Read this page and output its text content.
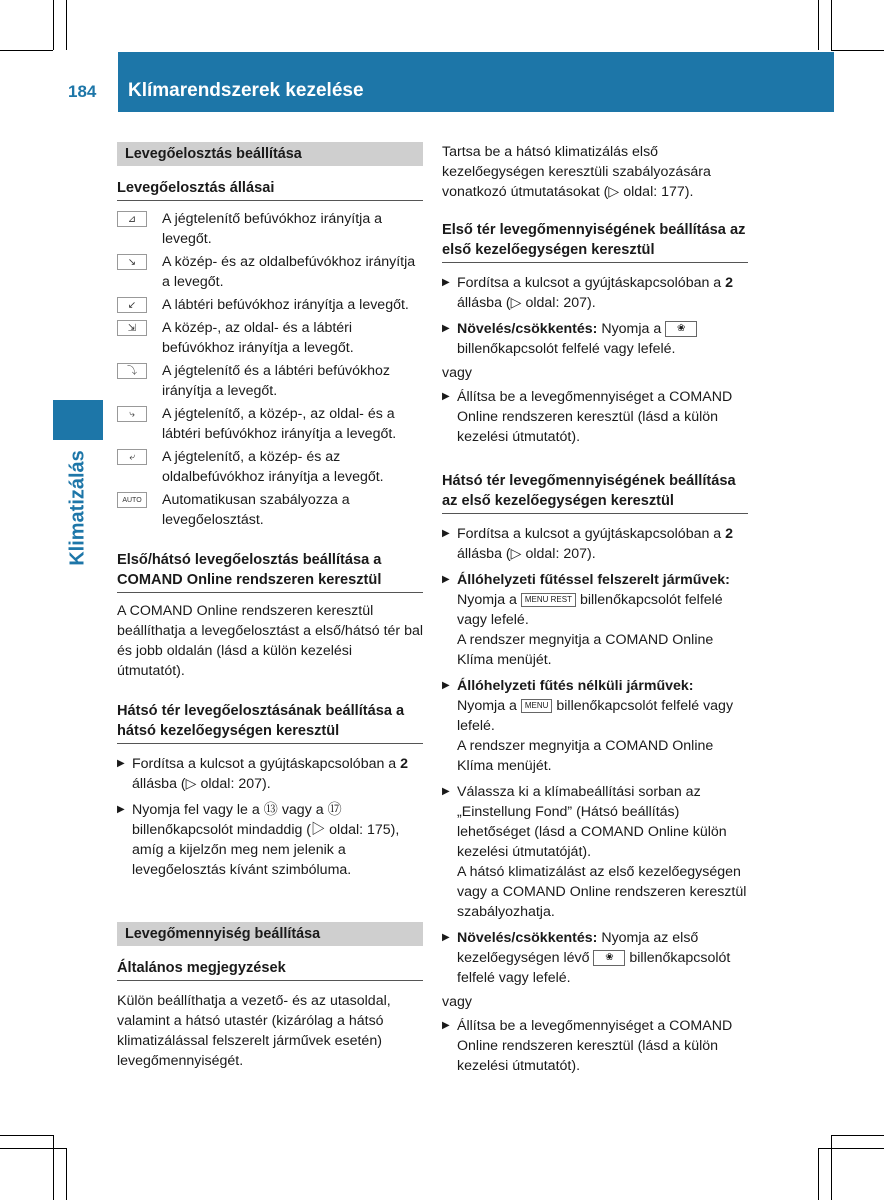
184 Klímarendszerek kezelése
Klimatizálás
Levegőelosztás beállítása
Levegőelosztás állásai
⊿	A jégtelenítő befúvókhoz irányítja a levegőt.
↘	A közép- és az oldalbefúvókhoz irányítja a levegőt.
↙	A lábtéri befúvókhoz irányítja a levegőt.
⇲	A közép-, az oldal- és a lábtéri befúvókhoz irányítja a levegőt.
⤵	A jégtelenítő és a lábtéri befúvókhoz irányítja a levegőt.
⤷	A jégtelenítő, a közép-, az oldal- és a lábtéri befúvókhoz irányítja a levegőt.
⤶	A jégtelenítő, a közép- és az oldalbefúvókhoz irányítja a levegőt.
AUTO	Automatikusan szabályozza a levegőelosztást.
Első/hátsó levegőelosztás beállítása a COMAND Online rendszeren keresztül

A COMAND Online rendszeren keresztül beállíthatja a levegőelosztást a első/hátsó tér bal és jobb oldalán (lásd a külön kezelési útmutatót).

Hátsó tér levegőelosztásának beállítása a hátsó kezelőegységen keresztül
▶ Fordítsa a kulcsot a gyújtáskapcsolóban a 2 állásba (▷ oldal: 207).
▶ Nyomja fel vagy le a ⑬ vagy a ⑰ billenőkapcsolót mindaddig (▷ oldal: 175), amíg a kijelzőn meg nem jelenik a levegőelosztás kívánt szimbóluma.
Levegőmennyiség beállítása
Általános megjegyzések

Külön beállíthatja a vezető- és az utasoldal, valamint a hátsó utastér (kizárólag a hátsó klimatizálással felszerelt járművek esetén) levegőmennyiségét.

Tartsa be a hátsó klimatizálás első kezelőegységen keresztüli szabályozására vonatkozó útmutatásokat (▷ oldal: 177).

Első tér levegőmennyiségének beállítása az első kezelőegységen keresztül
▶ Fordítsa a kulcsot a gyújtáskapcsolóban a 2 állásba (▷ oldal: 207).
▶ Növelés/csökkentés: Nyomja a ❀ billenőkapcsolót felfelé vagy lefelé.
vagy
▶ Állítsa be a levegőmennyiséget a COMAND Online rendszeren keresztül (lásd a külön kezelési útmutatót).
Hátsó tér levegőmennyiségének beállítása az első kezelőegységen keresztül
▶ Fordítsa a kulcsot a gyújtáskapcsolóban a 2 állásba (▷ oldal: 207).
▶ Állóhelyzeti fűtéssel felszerelt járművek: Nyomja a MENU REST billenőkapcsolót felfelé vagy lefelé.
A rendszer megnyitja a COMAND Online Klíma menüjét.
▶ Állóhelyzeti fűtés nélküli járművek:
Nyomja a MENU billenőkapcsolót felfelé vagy lefelé.
A rendszer megnyitja a COMAND Online Klíma menüjét.
▶ Válassza ki a klímabeállítási sorban az „Einstellung Fond” (Hátsó beállítás) lehetőséget (lásd a COMAND Online külön kezelési útmutatóját).
A hátsó klimatizálást az első kezelőegységen vagy a COMAND Online rendszeren keresztül szabályozhatja.
▶ Növelés/csökkentés: Nyomja az első kezelőegységen lévő ❀ billenőkapcsolót felfelé vagy lefelé.
vagy
▶ Állítsa be a levegőmennyiséget a COMAND Online rendszeren keresztül (lásd a külön kezelési útmutatót).
